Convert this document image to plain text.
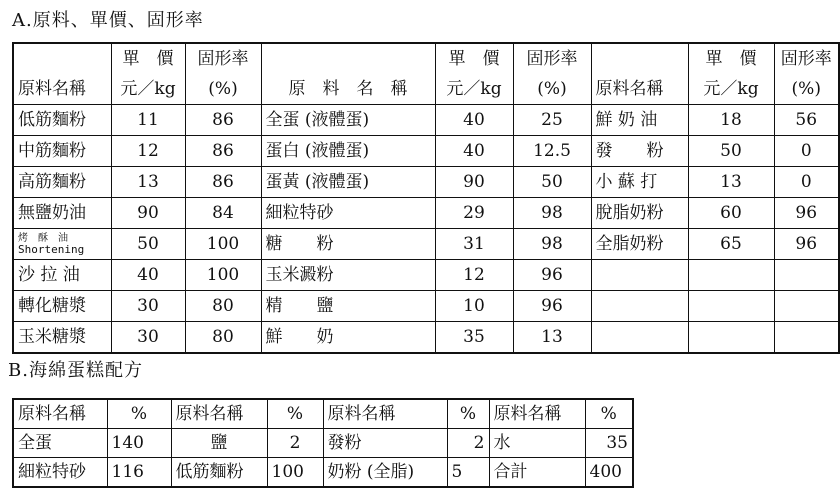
A.原料、單價、固形率
	單　價	固形率		單　價	固形率		單　價	固形率
原料名稱	元／kg	(%)	原　料　名　稱	元／kg	(%)	原料名稱	元／kg	(%)
低筋麵粉	11	86	全蛋 (液體蛋)	40	25	鮮 奶 油	18	56
中筋麵粉	12	86	蛋白 (液體蛋)	40	12.5	發　　粉	50	0
高筋麵粉	13	86	蛋黃 (液體蛋)	90	50	小 蘇 打	13	0
無鹽奶油	90	84	細粒特砂	29	98	脫脂奶粉	60	96

烤　酥　油
Shortening	50	100	糖　　粉	31	98	全脂奶粉	65	96
沙 拉 油	40	100	玉米澱粉	12	96			
轉化糖漿	30	80	精　　鹽	10	96			
玉米糖漿	30	80	鮮　　奶	35	13			
B.海綿蛋糕配方
原料名稱	%	原料名稱	%	原料名稱	%	原料名稱	%
全蛋	140	鹽	2	發粉	2	水	35
細粒特砂	116	低筋麵粉	100	奶粉 (全脂)	5	合計	400
